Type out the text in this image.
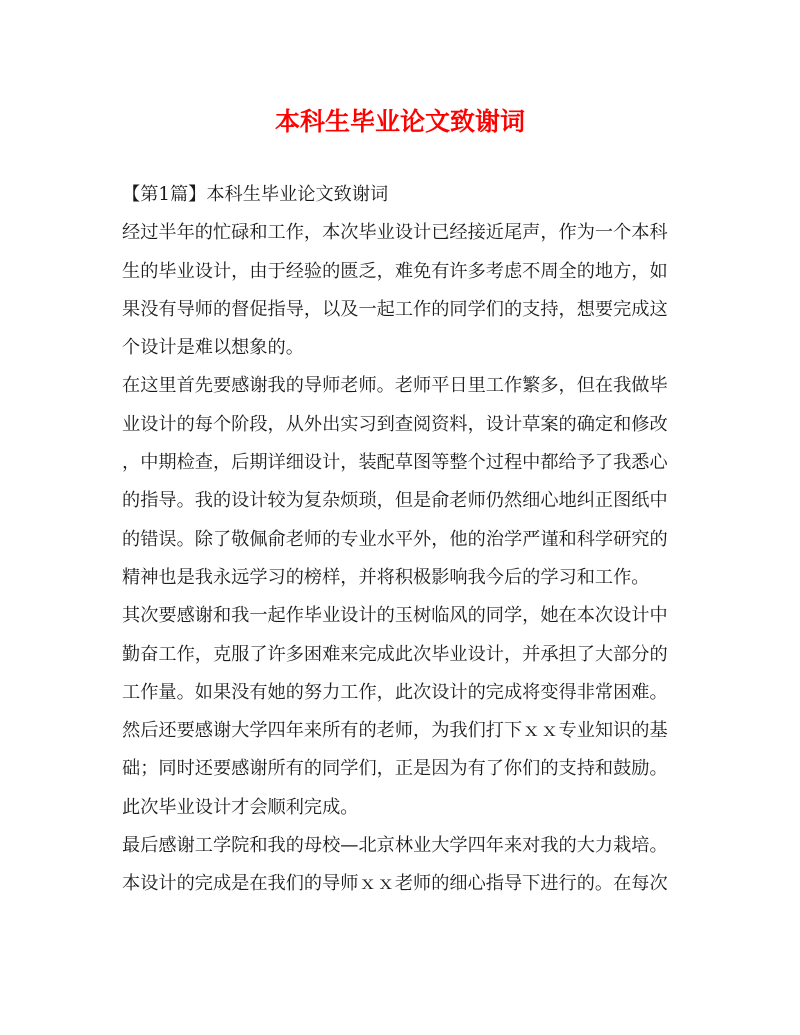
本科生毕业论文致谢词
【第1篇】本科生毕业论文致谢词
经过半年的忙碌和工作，本次毕业设计已经接近尾声，作为一个本科
生的毕业设计，由于经验的匮乏，难免有许多考虑不周全的地方，如
果没有导师的督促指导，以及一起工作的同学们的支持，想要完成这
个设计是难以想象的。
在这里首先要感谢我的导师老师。老师平日里工作繁多，但在我做毕
业设计的每个阶段，从外出实习到查阅资料，设计草案的确定和修改
，中期检查，后期详细设计，装配草图等整个过程中都给予了我悉心
的指导。我的设计较为复杂烦琐，但是俞老师仍然细心地纠正图纸中
的错误。除了敬佩俞老师的专业水平外，他的治学严谨和科学研究的
精神也是我永远学习的榜样，并将积极影响我今后的学习和工作。
其次要感谢和我一起作毕业设计的玉树临风的同学，她在本次设计中
勤奋工作，克服了许多困难来完成此次毕业设计，并承担了大部分的
工作量。如果没有她的努力工作，此次设计的完成将变得非常困难。
然后还要感谢大学四年来所有的老师，为我们打下ｘｘ专业知识的基
础；同时还要感谢所有的同学们，正是因为有了你们的支持和鼓励。
此次毕业设计才会顺利完成。
最后感谢工学院和我的母校—北京林业大学四年来对我的大力栽培。
本设计的完成是在我们的导师ｘｘ老师的细心指导下进行的。在每次
